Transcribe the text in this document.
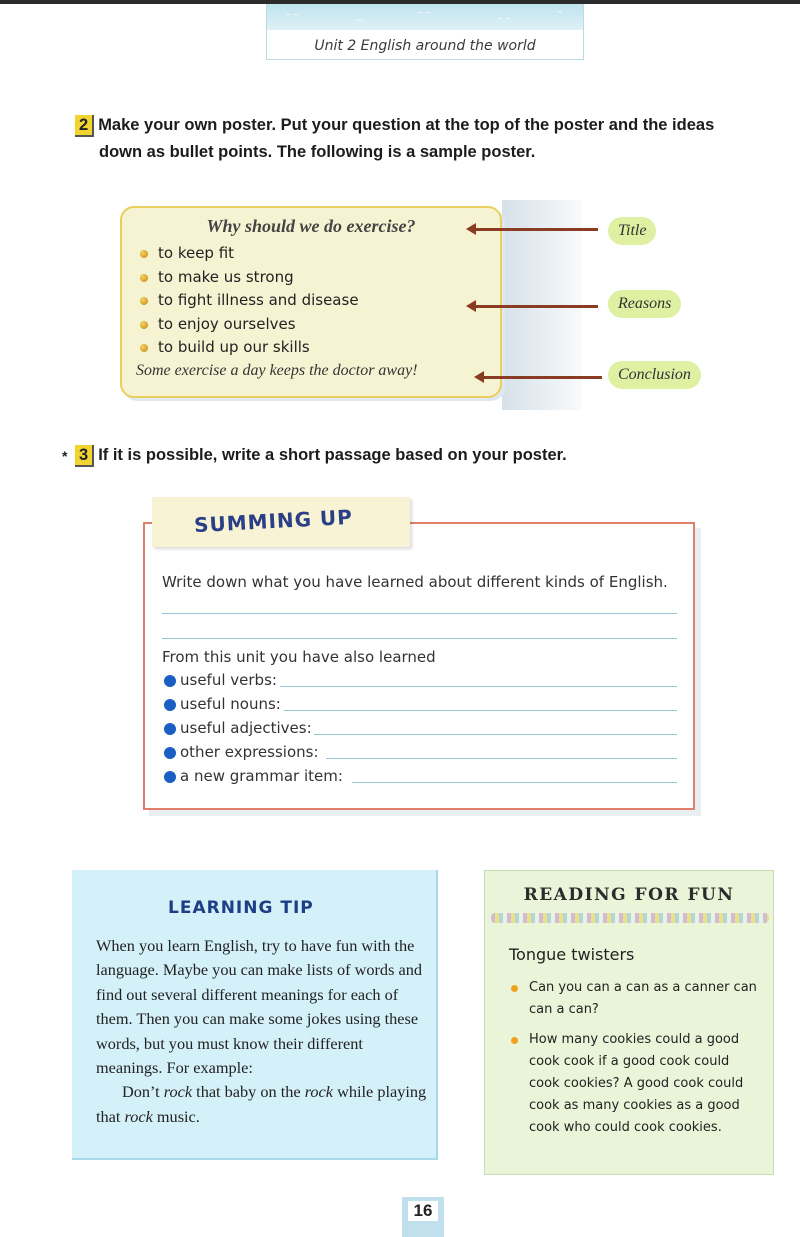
~ ~
~
~ ~
~ ~
~
Unit 2 English around the world
2 Make your own poster. Put your question at the top of the poster and the ideas
down as bullet points. The following is a sample poster.
Why should we do exercise?
to keep fit
to make us strong
to fight illness and disease
to enjoy ourselves
to build up our skills
Some exercise a day keeps the doctor away!
Title
Reasons
Conclusion
* 3 If it is possible, write a short passage based on your poster.
SUMMING UP
Write down what you have learned about different kinds of English.
From this unit you have also learned
useful verbs:
useful nouns:
useful adjectives:
other expressions:
a new grammar item:
LEARNING TIP
When you learn English, try to have fun with the language. Maybe you can make lists of words and find out several different meanings for each of them. Then you can make some jokes using these words, but you must know their different meanings. For example:
Don’t rock that baby on the rock while playing that rock music.
READING FOR FUN
Tongue twisters
Can you can a can as a canner can can a can?
How many cookies could a good cook cook if a good cook could cook cookies? A good cook could cook as many cookies as a good cook who could cook cookies.
16
